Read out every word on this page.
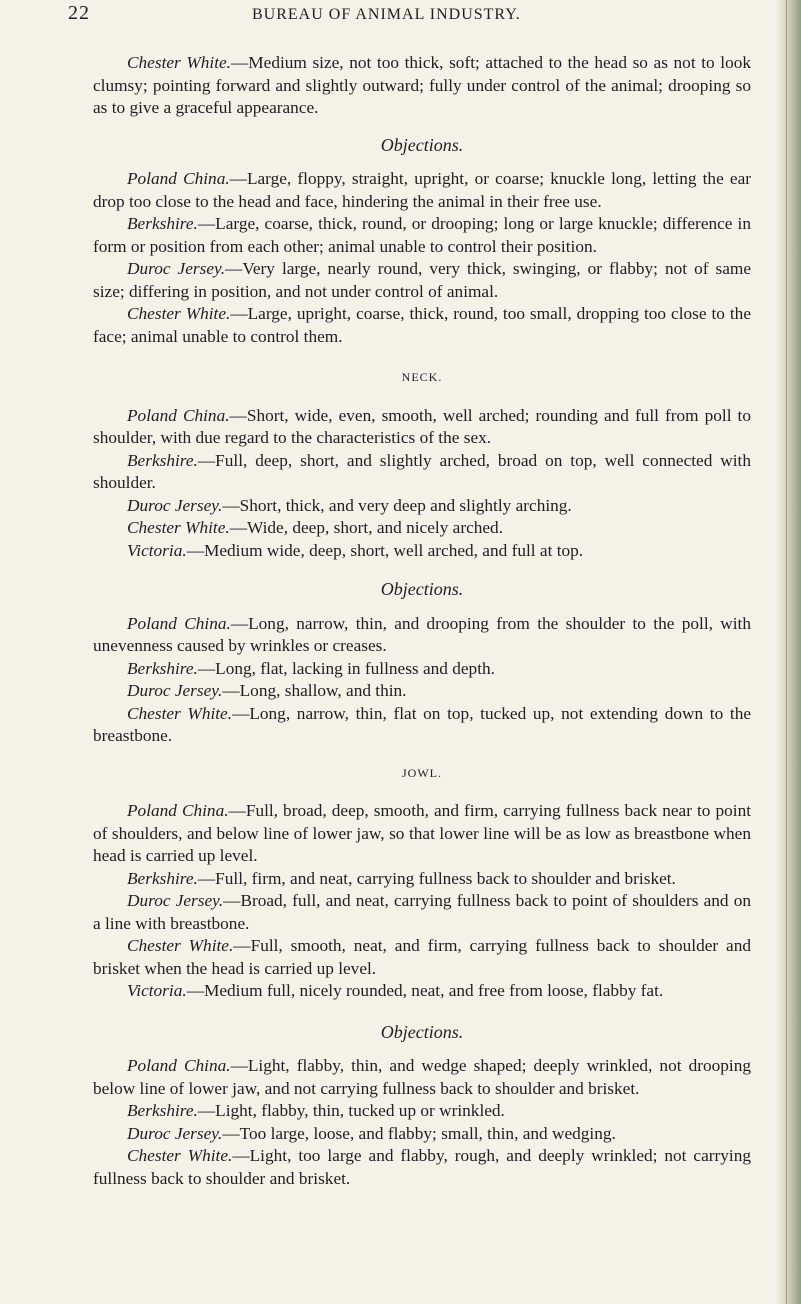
22	BUREAU OF ANIMAL INDUSTRY.

Chester White.—Medium size, not too thick, soft; attached to the head so as not to look clumsy; pointing forward and slightly outward; fully under control of the animal; drooping so as to give a graceful appearance.

Objections.

Poland China.—Large, floppy, straight, upright, or coarse; knuckle long, letting the ear drop too close to the head and face, hindering the animal in their free use.

Berkshire.—Large, coarse, thick, round, or drooping; long or large knuckle; difference in form or position from each other; animal unable to control their position.

Duroc Jersey.—Very large, nearly round, very thick, swinging, or flabby; not of same size; differing in position, and not under control of animal.

Chester White.—Large, upright, coarse, thick, round, too small, dropping too close to the face; animal unable to control them.

NECK.

Poland China.—Short, wide, even, smooth, well arched; rounding and full from poll to shoulder, with due regard to the characteristics of the sex.

Berkshire.—Full, deep, short, and slightly arched, broad on top, well connected with shoulder.

Duroc Jersey.—Short, thick, and very deep and slightly arching.

Chester White.—Wide, deep, short, and nicely arched.

Victoria.—Medium wide, deep, short, well arched, and full at top.

Objections.

Poland China.—Long, narrow, thin, and drooping from the shoulder to the poll, with unevenness caused by wrinkles or creases.

Berkshire.—Long, flat, lacking in fullness and depth.

Duroc Jersey.—Long, shallow, and thin.

Chester White.—Long, narrow, thin, flat on top, tucked up, not extending down to the breastbone.

JOWL.

Poland China.—Full, broad, deep, smooth, and firm, carrying fullness back near to point of shoulders, and below line of lower jaw, so that lower line will be as low as breastbone when head is carried up level.

Berkshire.—Full, firm, and neat, carrying fullness back to shoulder and brisket.

Duroc Jersey.—Broad, full, and neat, carrying fullness back to point of shoulders and on a line with breastbone.

Chester White.—Full, smooth, neat, and firm, carrying fullness back to shoulder and brisket when the head is carried up level.

Victoria.—Medium full, nicely rounded, neat, and free from loose, flabby fat.

Objections.

Poland China.—Light, flabby, thin, and wedge shaped; deeply wrinkled, not drooping below line of lower jaw, and not carrying fullness back to shoulder and brisket.

Berkshire.—Light, flabby, thin, tucked up or wrinkled.

Duroc Jersey.—Too large, loose, and flabby; small, thin, and wedging.

Chester White.—Light, too large and flabby, rough, and deeply wrinkled; not carrying fullness back to shoulder and brisket.
